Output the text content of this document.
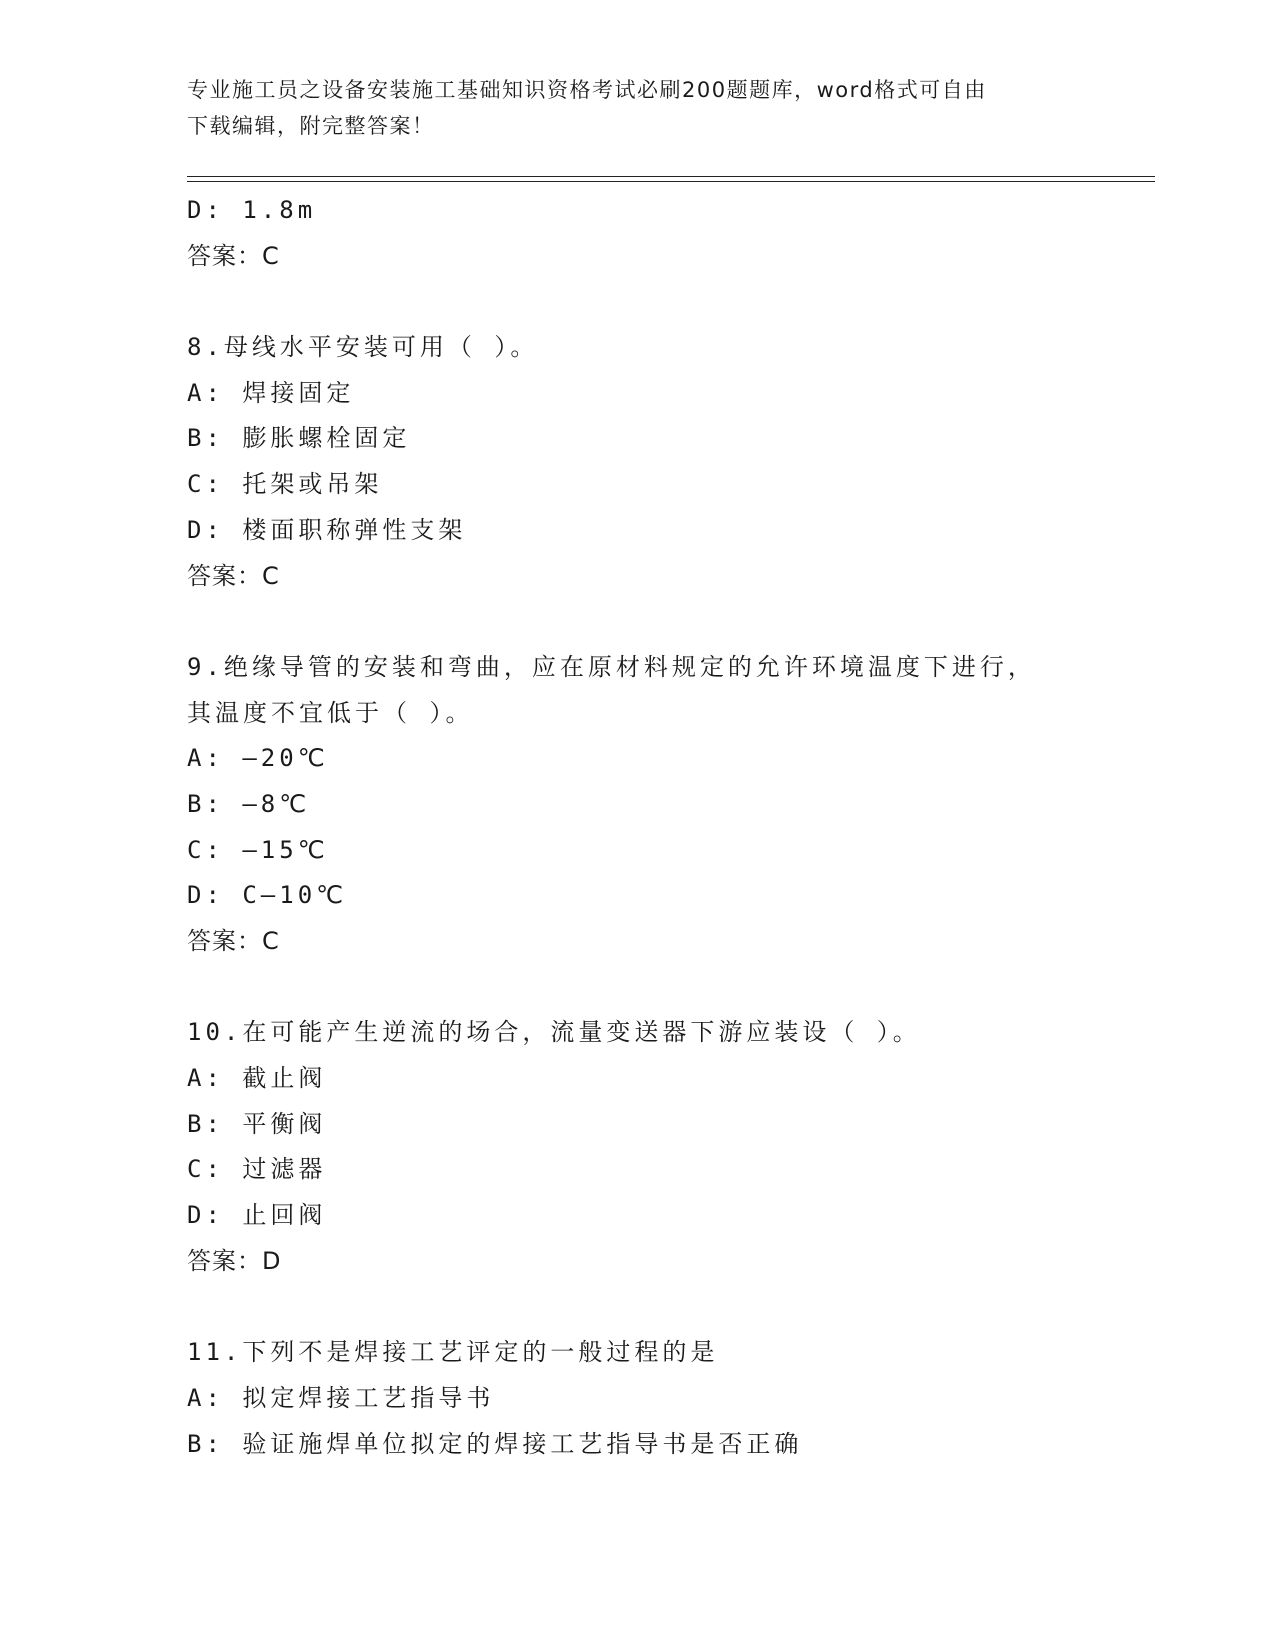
专业施工员之设备安装施工基础知识资格考试必刷200题题库，word格式可自由
下载编辑，附完整答案！
D: 1.8m
答案：C
8.母线水平安装可用（ ）。
A: 焊接固定
B: 膨胀螺栓固定
C: 托架或吊架
D: 楼面职称弹性支架
答案：C
9.绝缘导管的安装和弯曲，应在原材料规定的允许环境温度下进行，
其温度不宜低于（ ）。
A: –20℃
B: –8℃
C: –15℃
D: C–10℃
答案：C
10.在可能产生逆流的场合，流量变送器下游应装设（ ）。
A: 截止阀
B: 平衡阀
C: 过滤器
D: 止回阀
答案：D
11.下列不是焊接工艺评定的一般过程的是
A: 拟定焊接工艺指导书
B: 验证施焊单位拟定的焊接工艺指导书是否正确
